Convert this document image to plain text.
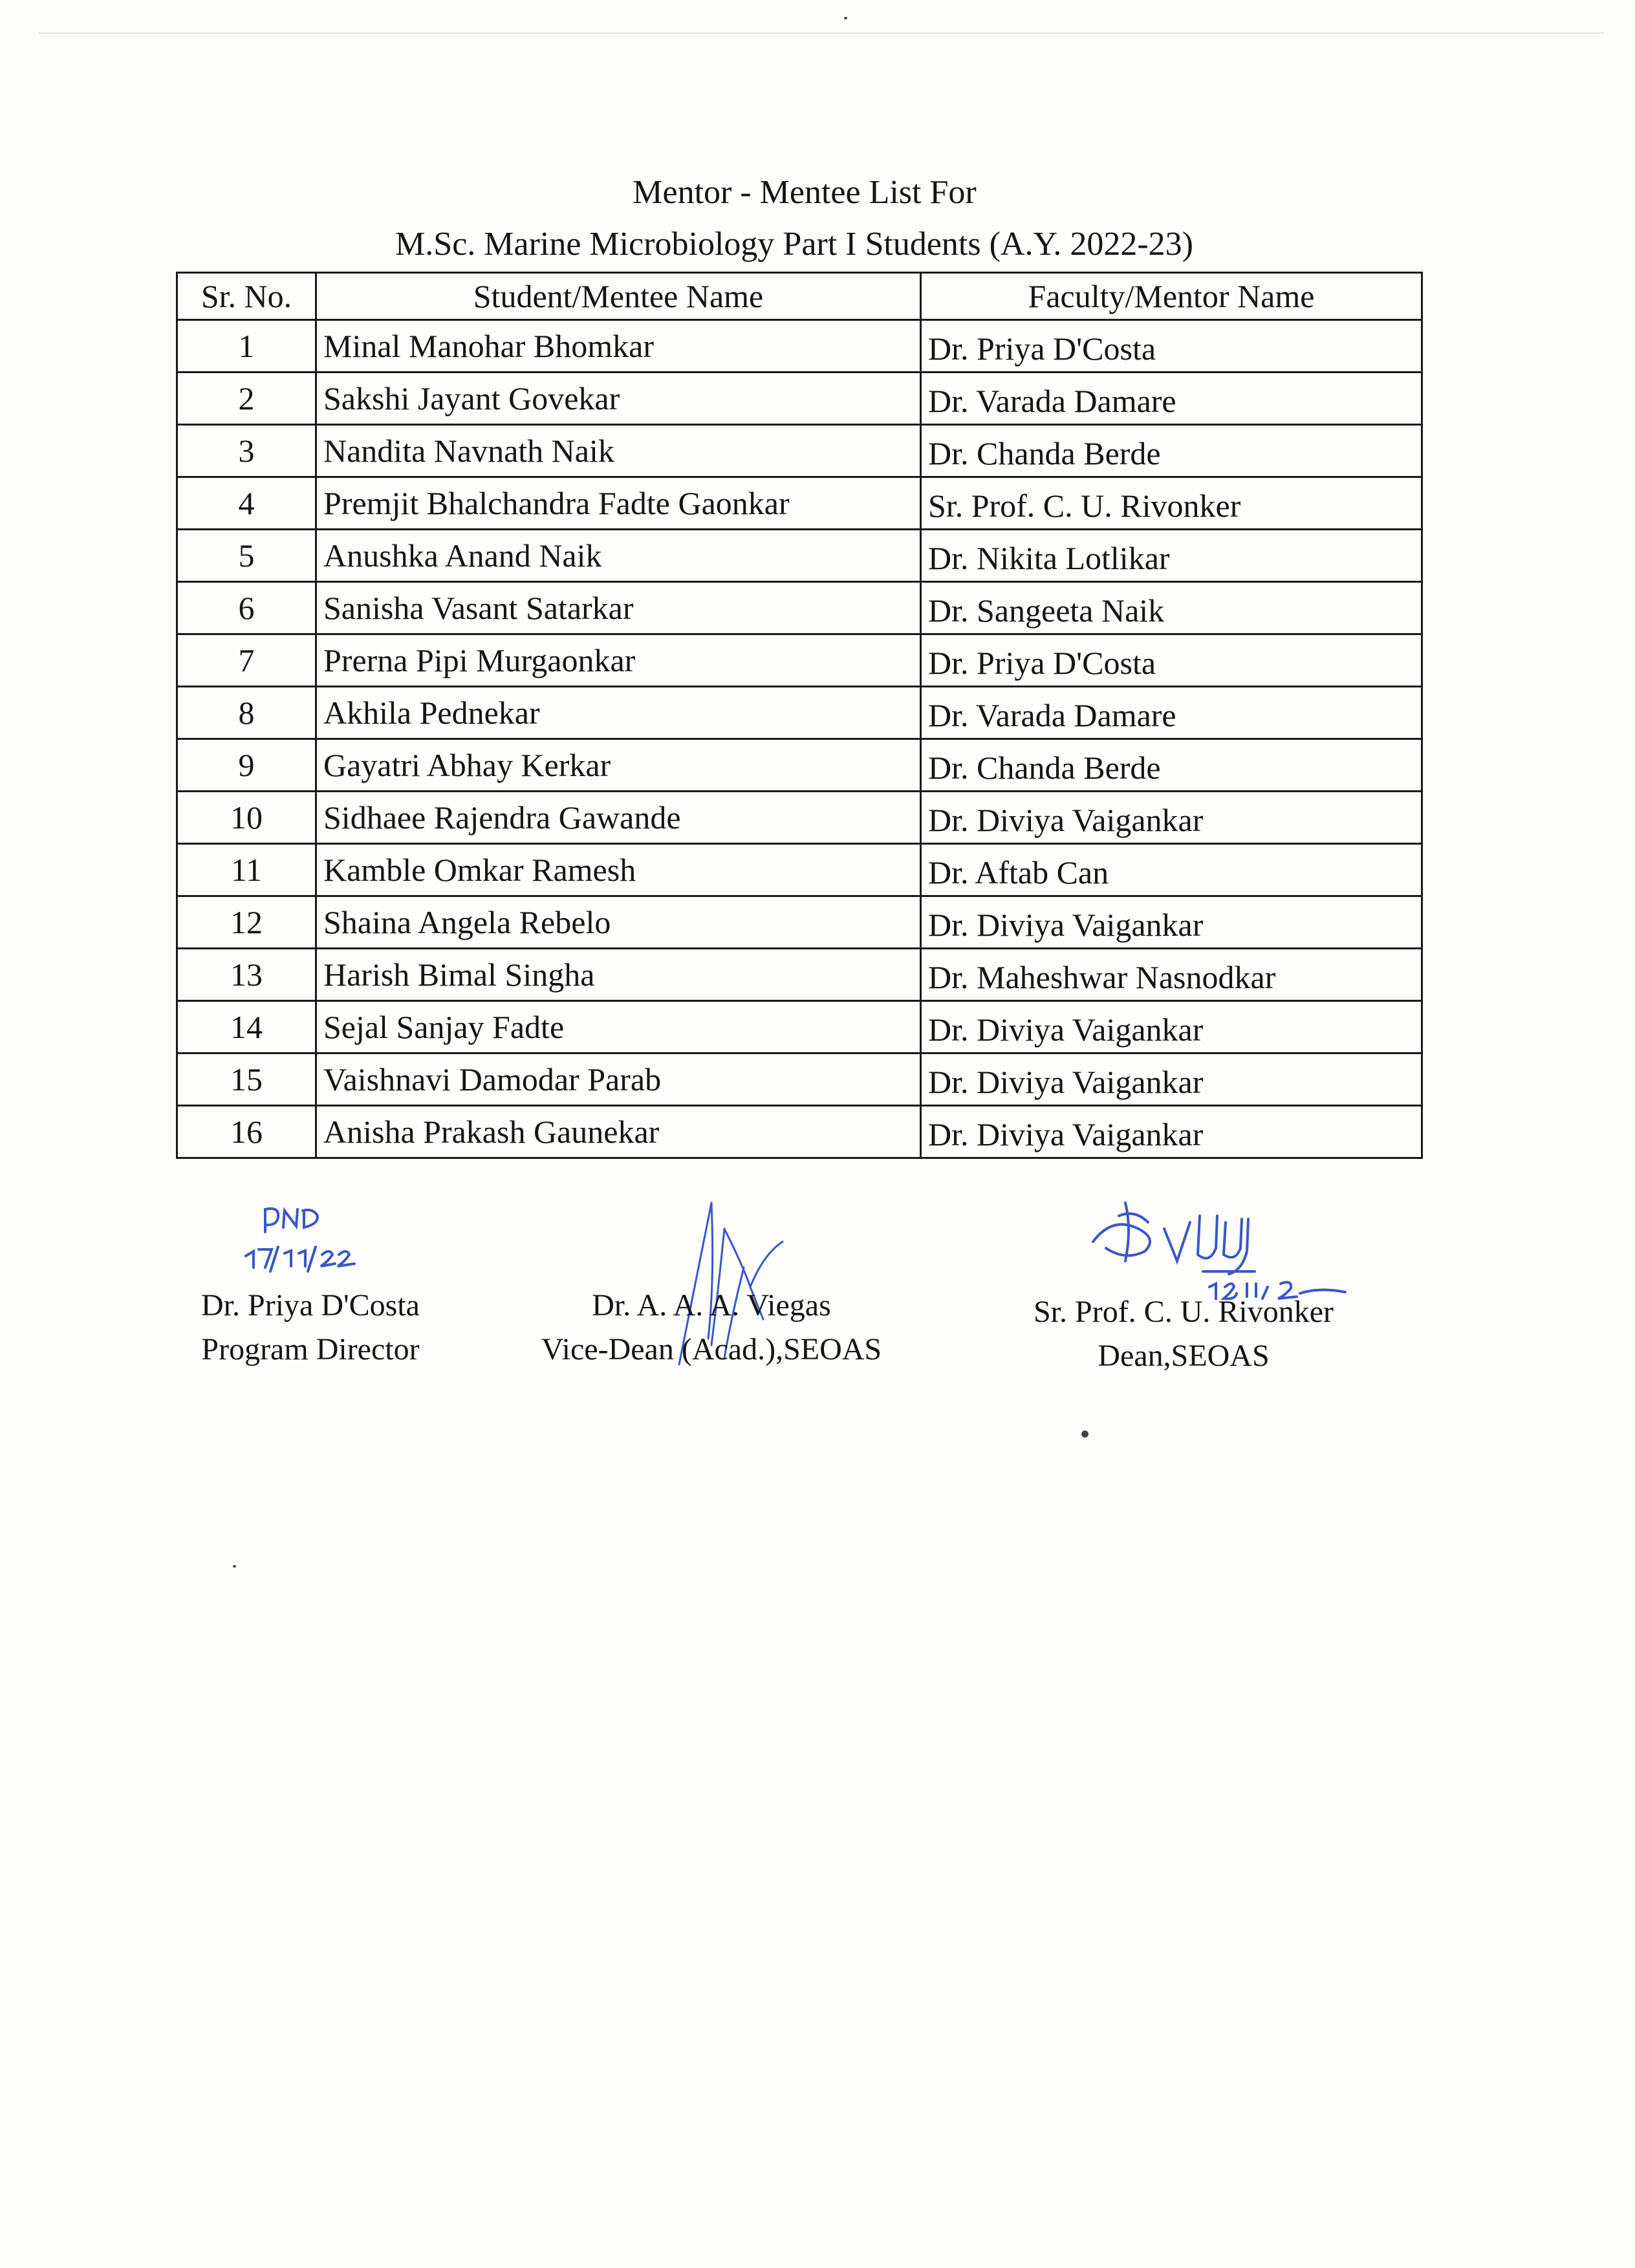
Mentor - Mentee List For
M.Sc. Marine Microbiology Part I Students (A.Y. 2022-23)
Sr. No.	Student/Mentee Name	Faculty/Mentor Name
1	Minal Manohar Bhomkar	Dr. Priya D'Costa
2	Sakshi Jayant Govekar	Dr. Varada Damare
3	Nandita Navnath Naik	Dr. Chanda Berde
4	Premjit Bhalchandra Fadte Gaonkar	Sr. Prof. C. U. Rivonker
5	Anushka Anand Naik	Dr. Nikita Lotlikar
6	Sanisha Vasant Satarkar	Dr. Sangeeta Naik
7	Prerna Pipi Murgaonkar	Dr. Priya D'Costa
8	Akhila Pednekar	Dr. Varada Damare
9	Gayatri Abhay Kerkar	Dr. Chanda Berde
10	Sidhaee Rajendra Gawande	Dr. Diviya Vaigankar
11	Kamble Omkar Ramesh	Dr. Aftab Can
12	Shaina Angela Rebelo	Dr. Diviya Vaigankar
13	Harish Bimal Singha	Dr. Maheshwar Nasnodkar
14	Sejal Sanjay Fadte	Dr. Diviya Vaigankar
15	Vaishnavi Damodar Parab	Dr. Diviya Vaigankar
16	Anisha Prakash Gaunekar	Dr. Diviya Vaigankar
Dr. Priya D'Costa
Program Director
Dr. A. A. A. Viegas
Vice-Dean (Acad.),SEOAS
Sr. Prof. C. U. Rivonker
Dean,SEOAS
